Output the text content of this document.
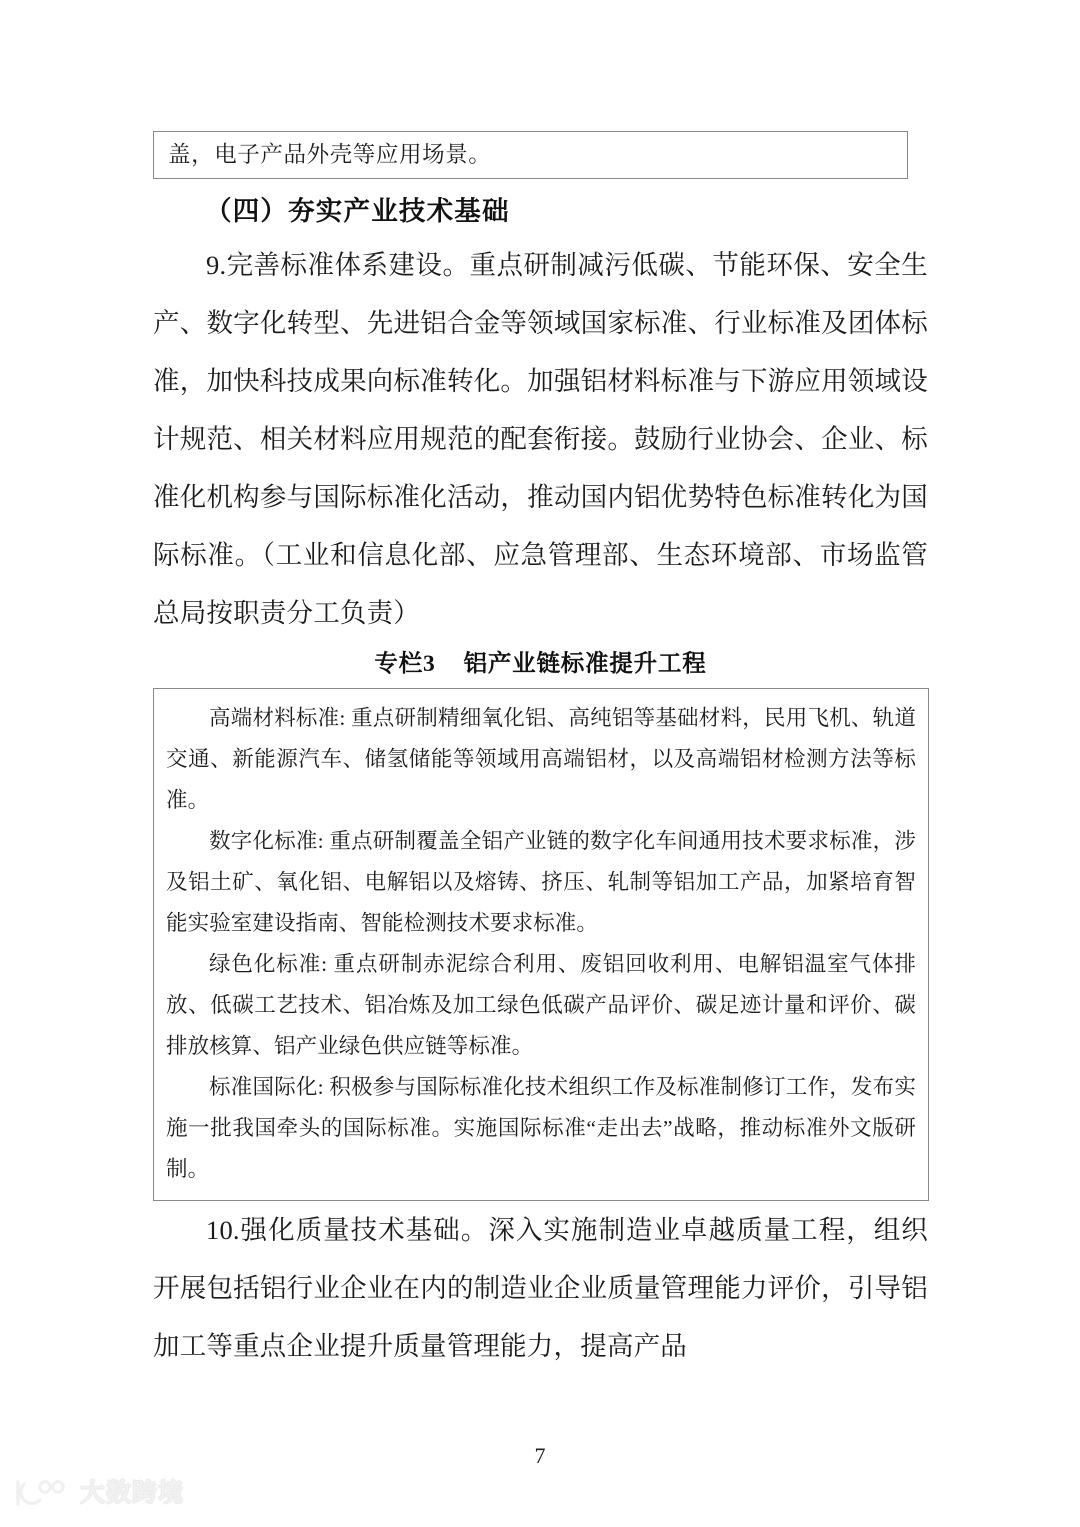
盖，电子产品外壳等应用场景。
（四）夯实产业技术基础

9.完善标准体系建设。重点研制减污低碳、节能环保、安全生产、数字化转型、先进铝合金等领域国家标准、行业标准及团体标准，加快科技成果向标准转化。加强铝材料标准与下游应用领域设计规范、相关材料应用规范的配套衔接。鼓励行业协会、企业、标准化机构参与国际标准化活动，推动国内铝优势特色标准转化为国际标准。（工业和信息化部、应急管理部、生态环境部、市场监管总局按职责分工负责）

专栏3 铝产业链标准提升工程

高端材料标准: 重点研制精细氧化铝、高纯铝等基础材料，民用飞机、轨道交通、新能源汽车、储氢储能等领域用高端铝材，以及高端铝材检测方法等标准。

数字化标准: 重点研制覆盖全铝产业链的数字化车间通用技术要求标准，涉及铝土矿、氧化铝、电解铝以及熔铸、挤压、轧制等铝加工产品，加紧培育智能实验室建设指南、智能检测技术要求标准。

绿色化标准: 重点研制赤泥综合利用、废铝回收利用、电解铝温室气体排放、低碳工艺技术、铝冶炼及加工绿色低碳产品评价、碳足迹计量和评价、碳排放核算、铝产业绿色供应链等标准。

标准国际化: 积极参与国际标准化技术组织工作及标准制修订工作，发布实施一批我国牵头的国际标准。实施国际标准“走出去”战略，推动标准外文版研制。

10.强化质量技术基础。深入实施制造业卓越质量工程，组织开展包括铝行业企业在内的制造业企业质量管理能力评价，引导铝加工等重点企业提升质量管理能力，提高产品

7
大数跨境
